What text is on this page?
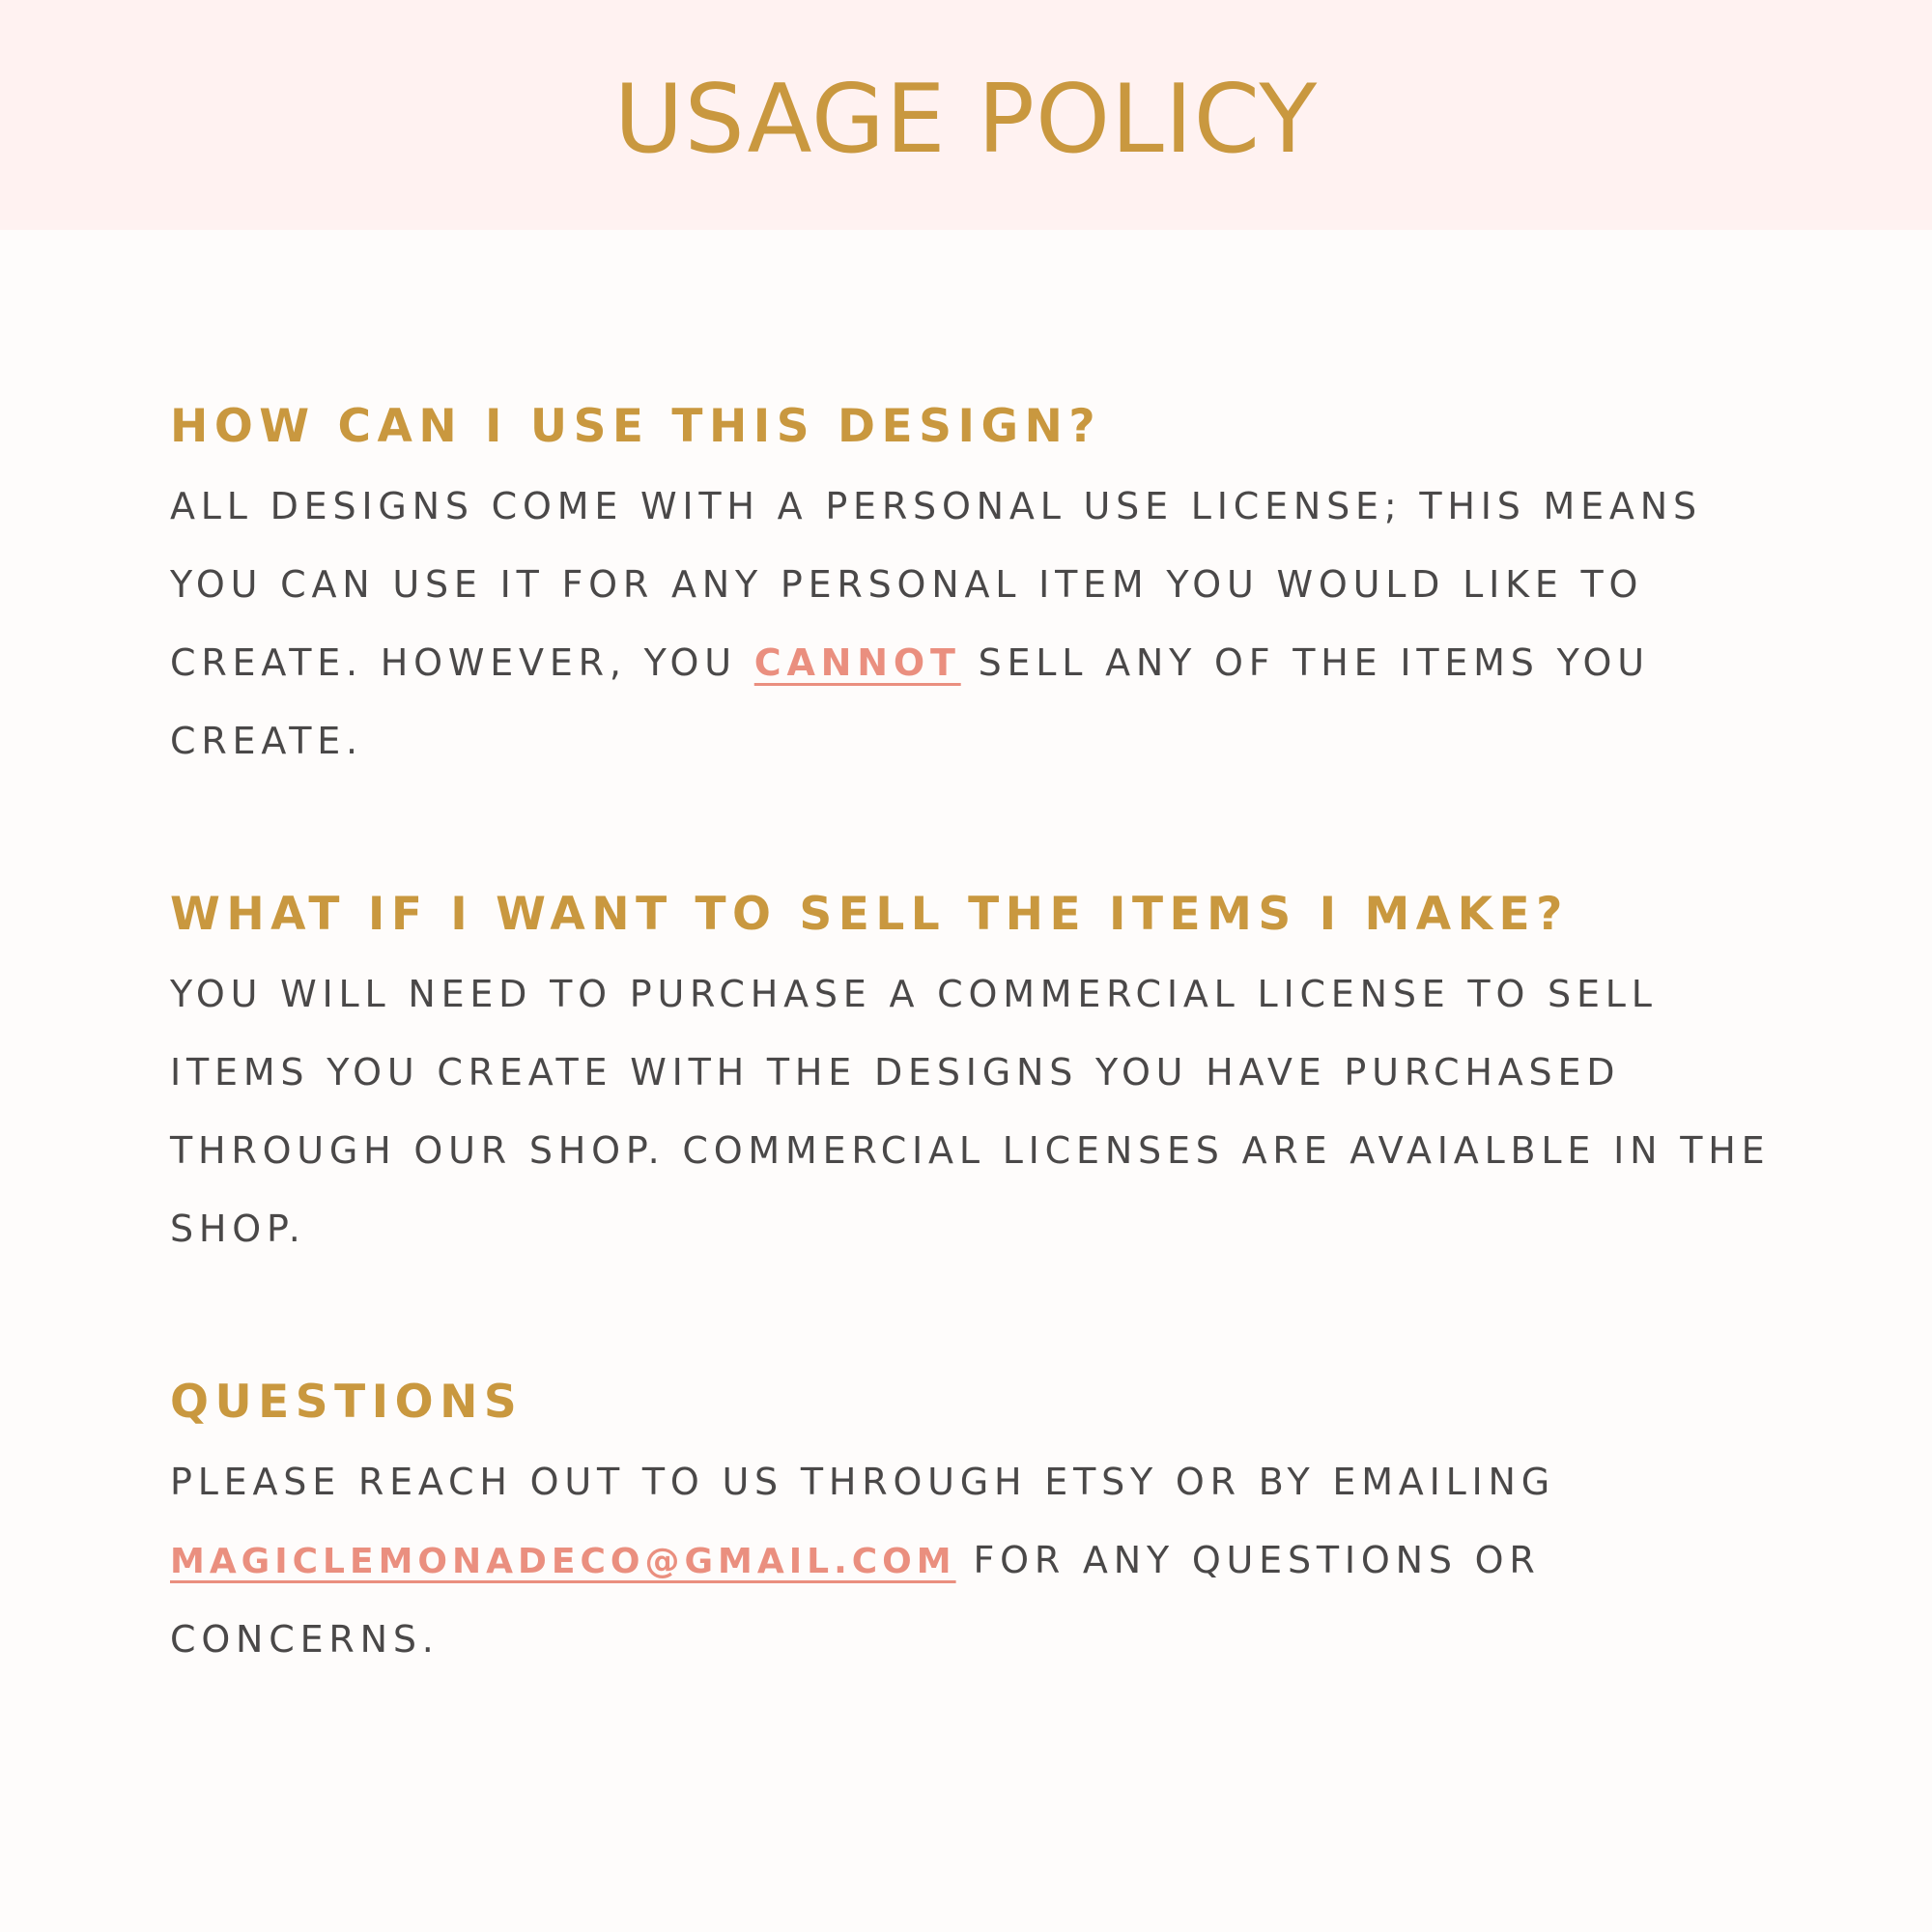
USAGE POLICY
HOW CAN I USE THIS DESIGN?

ALL DESIGNS COME WITH A PERSONAL USE LICENSE; THIS MEANS YOU CAN USE IT FOR ANY PERSONAL ITEM YOU WOULD LIKE TO CREATE. HOWEVER, YOU CANNOT SELL ANY OF THE ITEMS YOU CREATE.

WHAT IF I WANT TO SELL THE ITEMS I MAKE?

YOU WILL NEED TO PURCHASE A COMMERCIAL LICENSE TO SELL ITEMS YOU CREATE WITH THE DESIGNS YOU HAVE PURCHASED THROUGH OUR SHOP. COMMERCIAL LICENSES ARE AVAIALBLE IN THE SHOP.

QUESTIONS

PLEASE REACH OUT TO US THROUGH ETSY OR BY EMAILING MAGICLEMONADECO@GMAIL.COM FOR ANY QUESTIONS OR CONCERNS.
